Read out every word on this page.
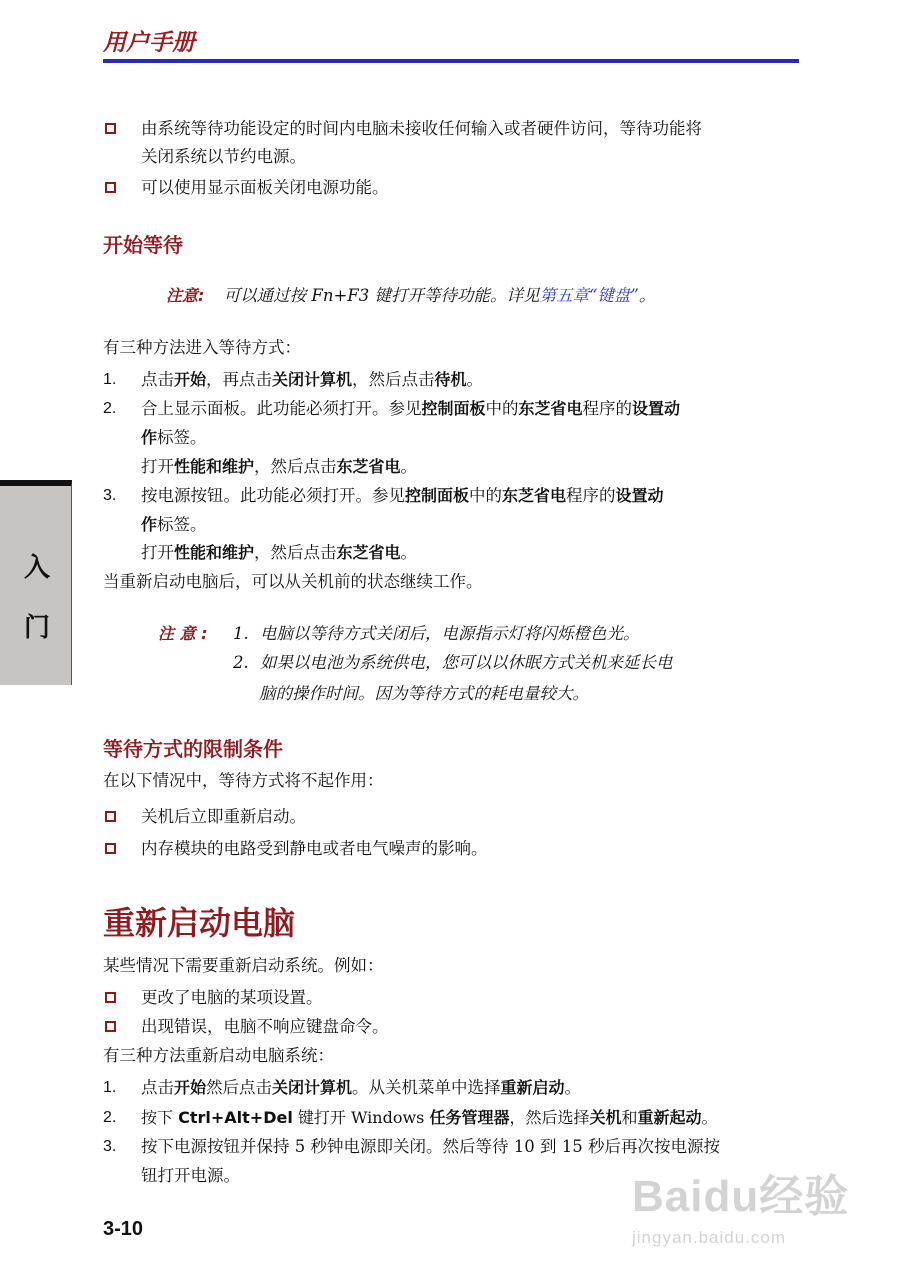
用户手册
入 门
由系统等待功能设定的时间内电脑未接收任何输入或者硬件访问，等待功能将
关闭系统以节约电源。
可以使用显示面板关闭电源功能。
开始等待
注意: 可以通过按 Fn+F3 键打开等待功能。详见第五章“键盘”。
有三种方法进入等待方式：
1. 点击开始，再点击关闭计算机，然后点击待机。
2. 合上显示面板。此功能必须打开。参见控制面板中的东芝省电程序的设置动
作标签。
打开性能和维护，然后点击东芝省电。
3. 按电源按钮。此功能必须打开。参见控制面板中的东芝省电程序的设置动
作标签。
打开性能和维护，然后点击东芝省电。
当重新启动电脑后，可以从关机前的状态继续工作。
注 意 : 1. 电脑以等待方式关闭后，电源指示灯将闪烁橙色光。
2. 如果以电池为系统供电，您可以以休眠方式关机来延长电
脑的操作时间。因为等待方式的耗电量较大。
等待方式的限制条件
在以下情况中，等待方式将不起作用：
关机后立即重新启动。
内存模块的电路受到静电或者电气噪声的影响。
重新启动电脑
某些情况下需要重新启动系统。例如：
更改了电脑的某项设置。
出现错误，电脑不响应键盘命令。
有三种方法重新启动电脑系统：
1. 点击开始然后点击关闭计算机。从关机菜单中选择重新启动。
2. 按下 Ctrl+Alt+Del 键打开 Windows 任务管理器，然后选择关机和重新起动。
3. 按下电源按钮并保持 5 秒钟电源即关闭。然后等待 10 到 15 秒后再次按电源按
钮打开电源。
3-10
Baidu经验
jingyan.baidu.com
